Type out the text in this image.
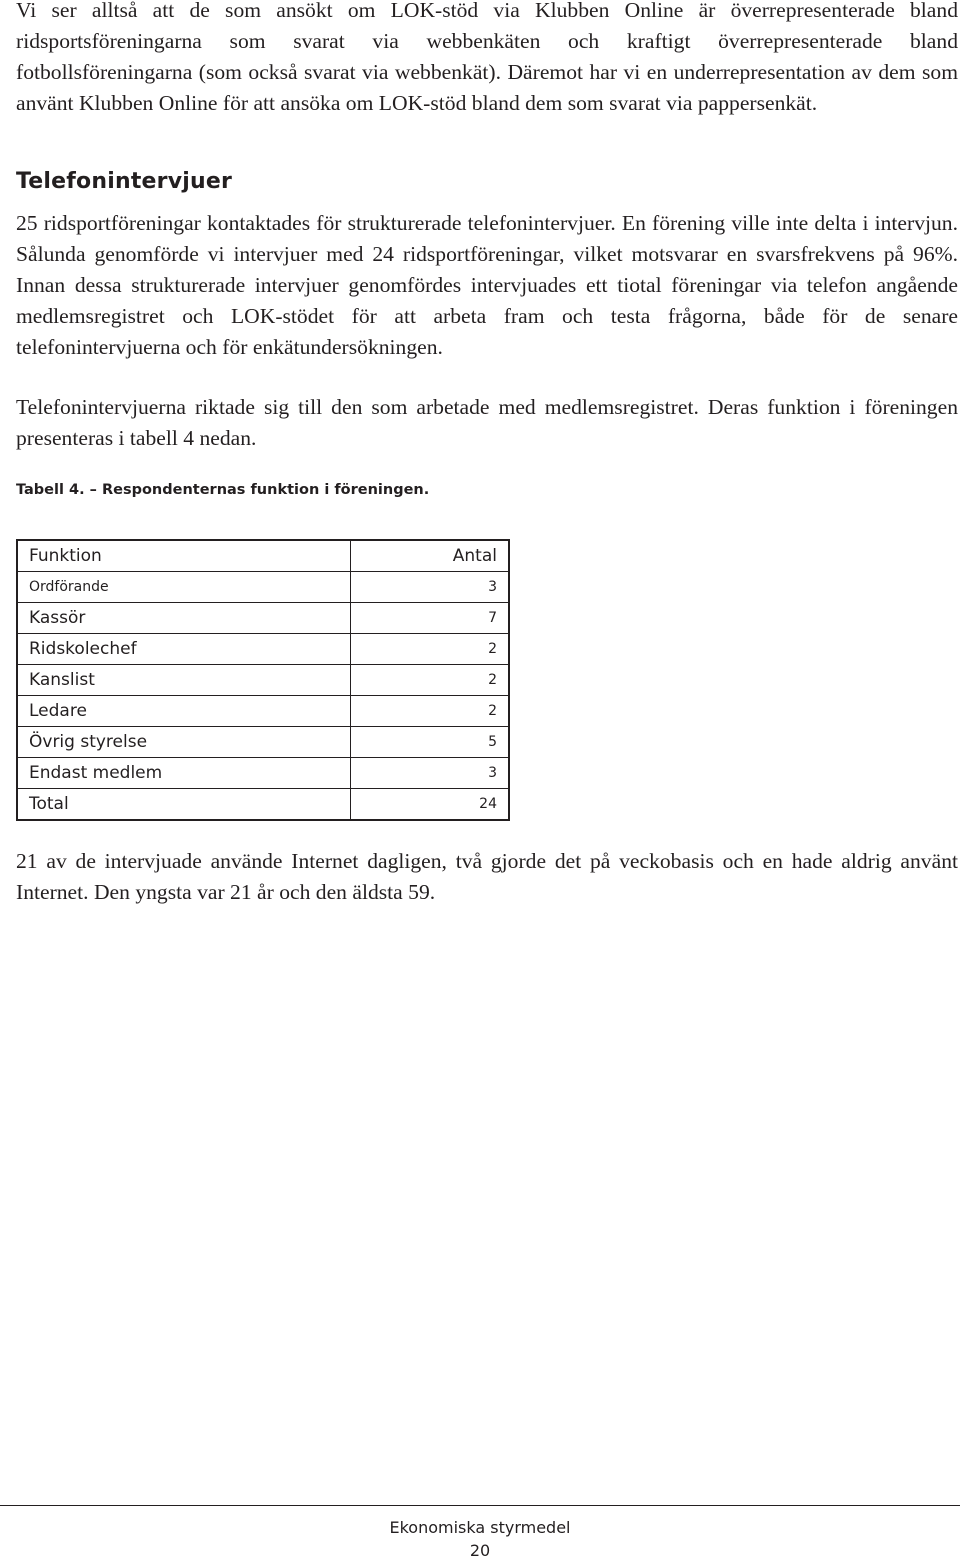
Vi ser alltså att de som ansökt om LOK-stöd via Klubben Online är överrepresenterade bland ridsportsföreningarna som svarat via webbenkäten och kraftigt överrepresenterade bland fotbollsföreningarna (som också svarat via webbenkät). Däremot har vi en underrepresentation av dem som använt Klubben Online för att ansöka om LOK-stöd bland dem som svarat via pappersenkät.

Telefonintervjuer

25 ridsportföreningar kontaktades för strukturerade telefonintervjuer. En förening ville inte delta i intervjun. Sålunda genomförde vi intervjuer med 24 ridsportföreningar, vilket motsvarar en svarsfrekvens på 96%. Innan dessa strukturerade intervjuer genomfördes intervjuades ett tiotal föreningar via telefon angående medlemsregistret och LOK-stödet för att arbeta fram och testa frågorna, både för de senare telefonintervjuerna och för enkätundersökningen.

Telefonintervjuerna riktade sig till den som arbetade med medlemsregistret. Deras funktion i föreningen presenteras i tabell 4 nedan.

Tabell 4. – Respondenternas funktion i föreningen.

Funktion	Antal
Ordförande	3
Kassör	7
Ridskolechef	2
Kanslist	2
Ledare	2
Övrig styrelse	5
Endast medlem	3
Total	24

21 av de intervjuade använde Internet dagligen, två gjorde det på veckobasis och en hade aldrig använt Internet. Den yngsta var 21 år och den äldsta 59.

Ekonomiska styrmedel

20
